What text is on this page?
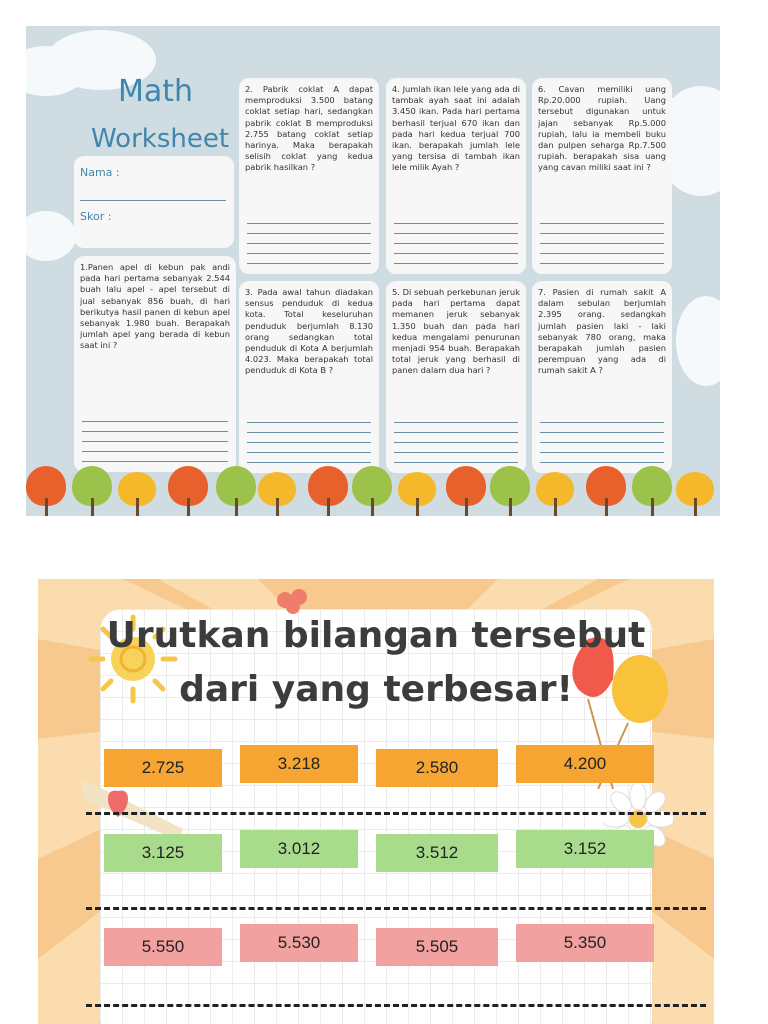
Math
Worksheet
Nama :
Skor :
1.Panen apel di kebun pak andi pada hari pertama sebanyak 2.544 buah lalu apel - apel tersebut di jual sebanyak 856 buah, di hari berikutya hasil panen di kebun apel sebanyak 1.980 buah. Berapakah jumlah apel yang berada di kebun saat ini ?
2. Pabrik coklat A dapat memproduksi 3.500 batang coklat setiap hari, sedangkan pabrik coklat B memproduksi 2.755 batang coklat setiap harinya. Maka berapakah selisih coklat yang kedua pabrik hasilkan ?
3. Pada awal tahun diadakan sensus penduduk di kedua kota. Total keseluruhan penduduk berjumlah 8.130 orang sedangkan total penduduk di Kota A berjumlah 4.023. Maka berapakah total penduduk di Kota B ?
4. Jumlah ikan lele yang ada di tambak ayah saat ini adalah 3.450 ikan. Pada hari pertama berhasil terjual 670 ikan dan pada hari kedua terjual 700 ikan. berapakah jumlah lele yang tersisa di tambah ikan lele milik Ayah ?
5. Di sebuah perkebunan jeruk pada hari pertama dapat memanen jeruk sebanyak 1.350 buah dan pada hari kedua mengalami penurunan menjadi 954 buah. Berapakah total jeruk yang berhasil di panen dalam dua hari ?
6. Cavan memiliki uang Rp.20.000 rupiah. Uang tersebut digunakan untuk jajan sebanyak Rp.5.000 rupiah, lalu ia membeli buku dan pulpen seharga Rp.7.500 rupiah. berapakah sisa uang yang cavan miliki saat ini ?
7. Pasien di rumah sakit A dalam sebulan berjumlah 2.395 orang. sedangkah jumlah pasien laki - laki sebanyak 780 orang, maka berapakah jumlah pasien perempuan yang ada di rumah sakit A ?
Urutkan bilangan tersebut
dari yang terbesar!
2.725	3.218	2.580	4.200
3.125	3.012	3.512	3.152
5.550	5.530	5.505	5.350
